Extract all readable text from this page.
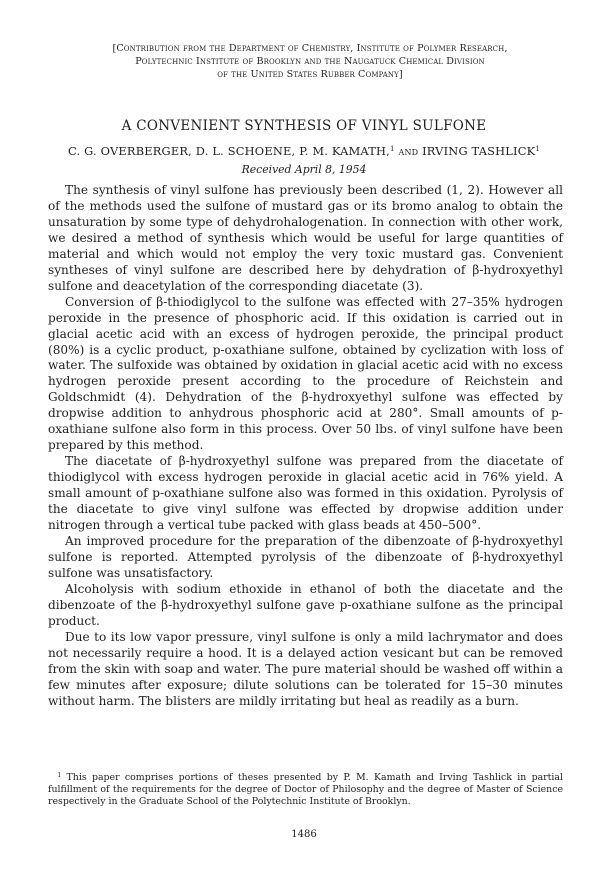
[Contribution from the Department of Chemistry, Institute of Polymer Research,
Polytechnic Institute of Brooklyn and the Naugatuck Chemical Division
of the United States Rubber Company]
A CONVENIENT SYNTHESIS OF VINYL SULFONE
C. G. OVERBERGER, D. L. SCHOENE, P. M. KAMATH,$^1$ and IRVING TASHLICK$^1$
Received April 8, 1954

The synthesis of vinyl sulfone has previously been described (1, 2). However all of the methods used the sulfone of mustard gas or its bromo analog to obtain the unsaturation by some type of dehydrohalogenation. In connection with other work, we desired a method of synthesis which would be useful for large quantities of material and which would not employ the very toxic mustard gas. Convenient syntheses of vinyl sulfone are described here by dehydration of β-hydroxyethyl sulfone and deacetylation of the corresponding diacetate (3).

Conversion of β-thiodiglycol to the sulfone was effected with 27–35% hydrogen peroxide in the presence of phosphoric acid. If this oxidation is carried out in glacial acetic acid with an excess of hydrogen peroxide, the principal product (80%) is a cyclic product, p-oxathiane sulfone, obtained by cyclization with loss of water. The sulfoxide was obtained by oxidation in glacial acetic acid with no excess hydrogen peroxide present according to the procedure of Reichstein and Goldschmidt (4). Dehydration of the β-hydroxyethyl sulfone was effected by dropwise addition to anhydrous phosphoric acid at 280°. Small amounts of p-oxathiane sulfone also form in this process. Over 50 lbs. of vinyl sulfone have been prepared by this method.

The diacetate of β-hydroxyethyl sulfone was prepared from the diacetate of thiodiglycol with excess hydrogen peroxide in glacial acetic acid in 76% yield. A small amount of p-oxathiane sulfone also was formed in this oxidation. Pyrolysis of the diacetate to give vinyl sulfone was effected by dropwise addition under nitrogen through a vertical tube packed with glass beads at 450–500°.

An improved procedure for the preparation of the dibenzoate of β-hydroxyethyl sulfone is reported. Attempted pyrolysis of the dibenzoate of β-hydroxyethyl sulfone was unsatisfactory.

Alcoholysis with sodium ethoxide in ethanol of both the diacetate and the dibenzoate of the β-hydroxyethyl sulfone gave p-oxathiane sulfone as the principal product.

Due to its low vapor pressure, vinyl sulfone is only a mild lachrymator and does not necessarily require a hood. It is a delayed action vesicant but can be removed from the skin with soap and water. The pure material should be washed off within a few minutes after exposure; dilute solutions can be tolerated for 15–30 minutes without harm. The blisters are mildly irritating but heal as readily as a burn.

 $^1$ This paper comprises portions of theses presented by P. M. Kamath and Irving Tashlick in partial fulfillment of the requirements for the degree of Doctor of Philosophy and the degree of Master of Science respectively in the Graduate School of the Polytechnic Institute of Brooklyn.
1486
